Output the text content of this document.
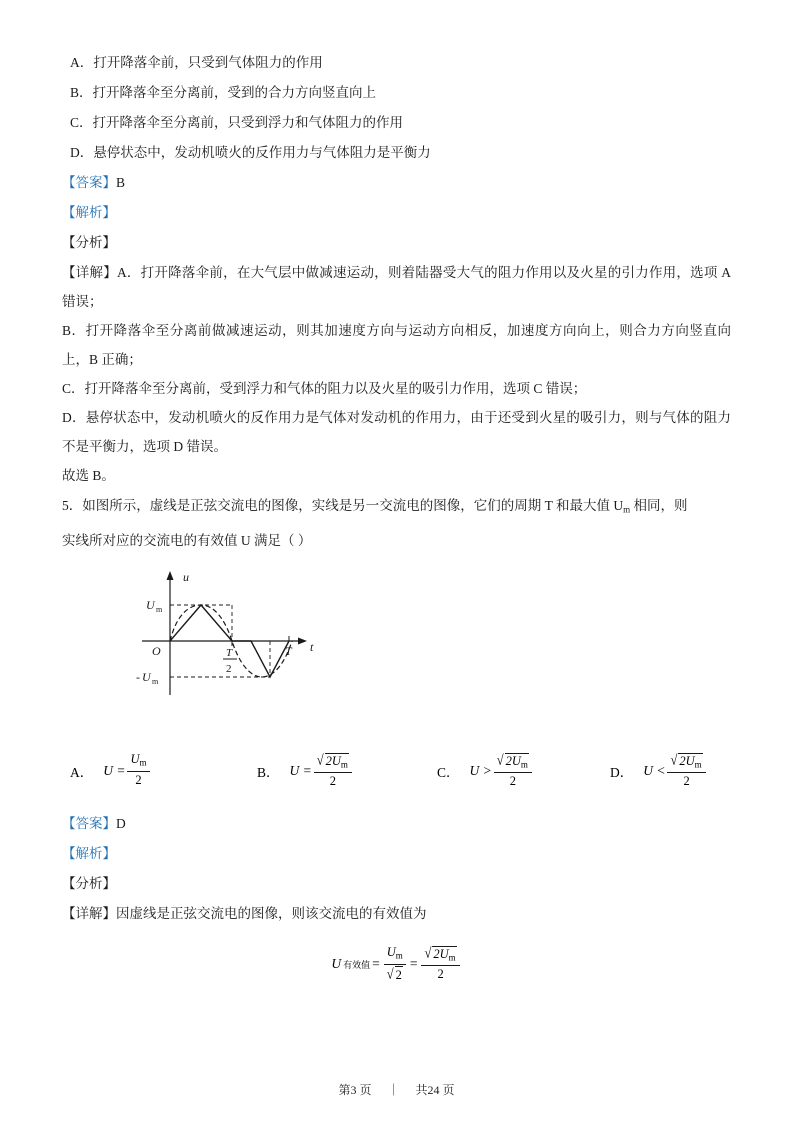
A．打开降落伞前，只受到气体阻力的作用
B．打开降落伞至分离前，受到的合力方向竖直向上
C．打开降落伞至分离前，只受到浮力和气体阻力的作用
D．悬停状态中，发动机喷火的反作用力与气体阻力是平衡力
【答案】B
【解析】
【分析】
【详解】A．打开降落伞前，在大气层中做减速运动，则着陆器受大气的阻力作用以及火星的引力作用，选项 A 错误；
B．打开降落伞至分离前做减速运动，则其加速度方向与运动方向相反，加速度方向向上，则合力方向竖直向上，B 正确；
C．打开降落伞至分离前，受到浮力和气体的阻力以及火星的吸引力作用，选项 C 错误；
D．悬停状态中，发动机喷火的反作用力是气体对发动机的作用力，由于还受到火星的吸引力，则与气体的阻力不是平衡力，选项 D 错误。
故选 B。
5．如图所示，虚线是正弦交流电的图像，实线是另一交流电的图像，它们的周期 T 和最大值 $U_m$ 相同，则
实线所对应的交流电的有效值 U 满足（ ）
U m
- U m
O
u
t
T
T
2
A． $U = \frac{U_m}{2}$	B． $U = \frac{√ 2U_m}{2}$	C． $U > \frac{√ 2U_m}{2}$	D． $U < \frac{√ 2U_m}{2}$
【答案】D
【解析】
【分析】
【详解】因虚线是正弦交流电的图像，则该交流电的有效值为
U 有效值 = $\frac{U_m}{√ 2} = \frac{√ 2U_m}{2}$
第3 页 ｜ 共24 页
